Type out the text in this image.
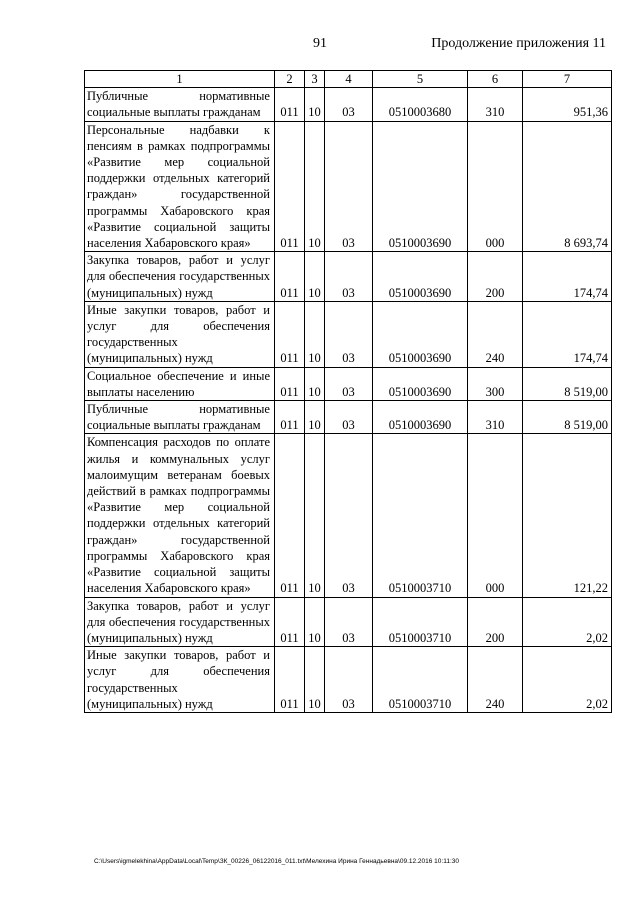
91	Продолжение приложения 11
1	2	3	4	5	6	7
Публичные нормативные социальные выплаты гражданам	011	10	03	0510003680	310	951,36
Персональные надбавки к пенсиям в рамках подпрограммы «Развитие мер социальной поддержки отдельных категорий граждан» государственной программы Хабаровского края «Развитие социальной защиты населения Хабаровского края»	011	10	03	0510003690	000	8 693,74
Закупка товаров, работ и услуг для обеспечения государственных (муниципальных) нужд	011	10	03	0510003690	200	174,74
Иные закупки товаров, работ и услуг для обеспечения государственных (муниципальных) нужд	011	10	03	0510003690	240	174,74
Социальное обеспечение и иные выплаты населению	011	10	03	0510003690	300	8 519,00
Публичные нормативные социальные выплаты гражданам	011	10	03	0510003690	310	8 519,00
Компенсация расходов по оплате жилья и коммунальных услуг малоимущим ветеранам боевых действий в рамках подпрограммы «Развитие мер социальной поддержки отдельных категорий граждан» государственной программы Хабаровского края «Развитие социальной защиты населения Хабаровского края»	011	10	03	0510003710	000	121,22
Закупка товаров, работ и услуг для обеспечения государственных (муниципальных) нужд	011	10	03	0510003710	200	2,02
Иные закупки товаров, работ и услуг для обеспечения государственных (муниципальных) нужд	011	10	03	0510003710	240	2,02
C:\Users\igmelekhina\AppData\Local\Temp\ЗК_00226_06122016_011.txt\Мелехина Ирина Геннадьевна\09.12.2016 10:11:30
